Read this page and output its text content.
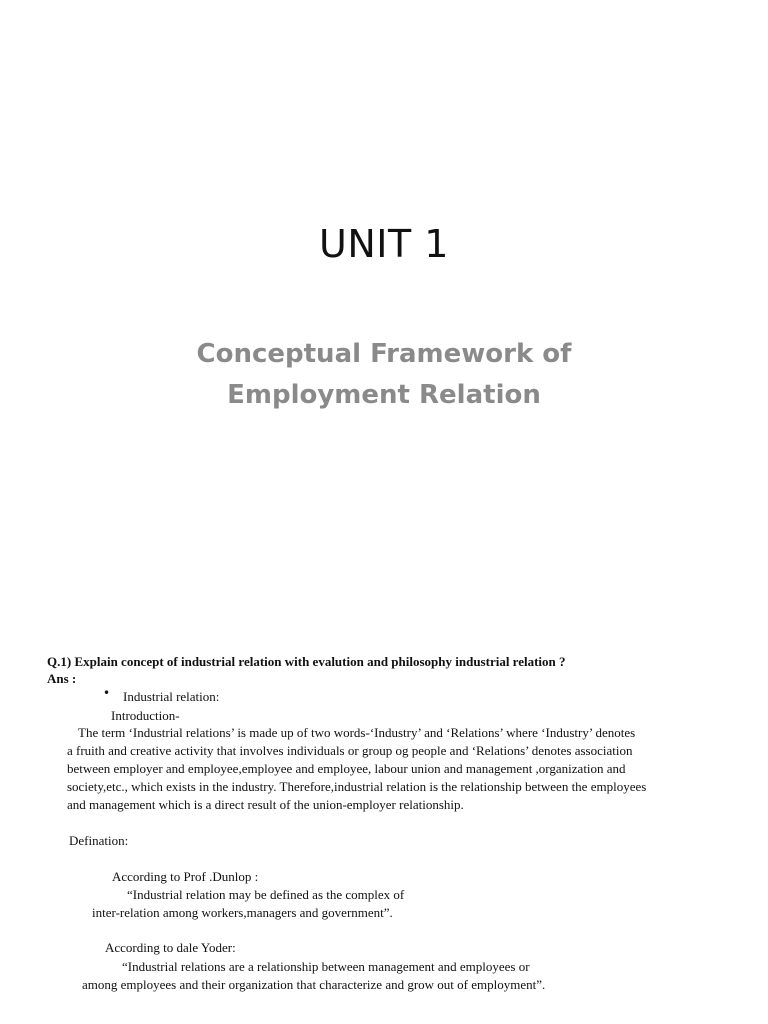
UNIT 1
Conceptual Framework of
Employment Relation
Q.1) Explain concept of industrial relation with evalution and philosophy industrial relation ?
Ans :
• Industrial relation:
Introduction-
The term ‘Industrial relations’ is made up of two words-‘Industry’ and ‘Relations’ where ‘Industry’ denotes
a fruith and creative activity that involves individuals or group og people and ‘Relations’ denotes association
between employer and employee,employee and employee, labour union and management ,organization and
society,etc., which exists in the industry. Therefore,industrial relation is the relationship between the employees
and management which is a direct result of the union-employer relationship.
Defination:
According to Prof .Dunlop :
“Industrial relation may be defined as the complex of
inter-relation among workers,managers and government”.
According to dale Yoder:
“Industrial relations are a relationship between management and employees or
among employees and their organization that characterize and grow out of employment”.
